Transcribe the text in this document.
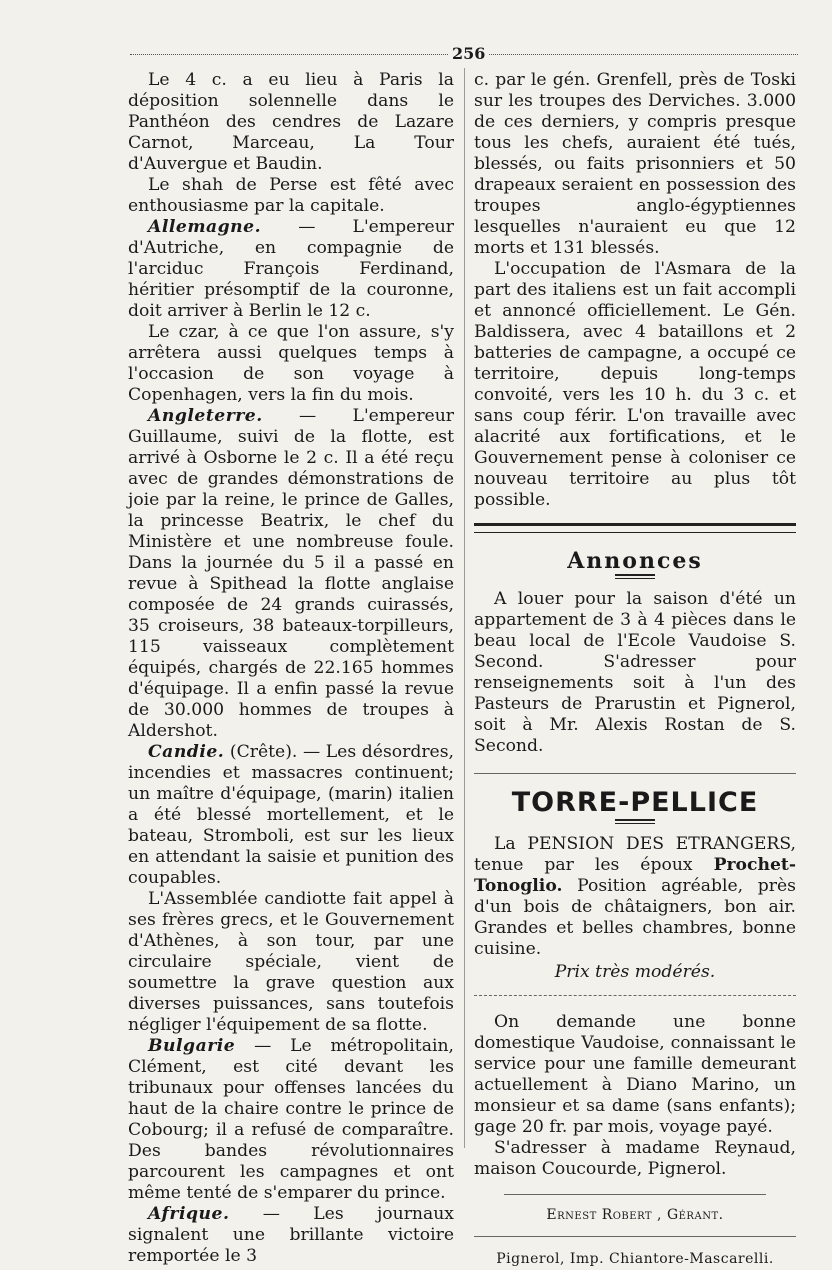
256

Le 4 c. a eu lieu à Paris la déposition solennelle dans le Panthéon des cendres de Lazare Carnot, Marceau, La Tour d'Auvergue et Baudin.

Le shah de Perse est fêté avec enthousiasme par la capitale.

Allemagne. — L'empereur d'Autriche, en compagnie de l'arciduc François Ferdinand, héritier présomptif de la couronne, doit arriver à Berlin le 12 c.

Le czar, à ce que l'on assure, s'y arrêtera aussi quelques temps à l'occasion de son voyage à Copenhagen, vers la fin du mois.

Angleterre. — L'empereur Guillaume, suivi de la flotte, est arrivé à Osborne le 2 c. Il a été reçu avec de grandes démonstrations de joie par la reine, le prince de Galles, la princesse Beatrix, le chef du Ministère et une nombreuse foule. Dans la journée du 5 il a passé en revue à Spithead la flotte anglaise composée de 24 grands cuirassés, 35 croiseurs, 38 bateaux-torpilleurs, 115 vaisseaux complètement équipés, chargés de 22.165 hommes d'équipage. Il a enfin passé la revue de 30.000 hommes de troupes à Aldershot.

Candie. (Crête). — Les désordres, incendies et massacres continuent; un maître d'équipage, (marin) italien a été blessé mortellement, et le bateau, Stromboli, est sur les lieux en attendant la saisie et punition des coupables.

L'Assemblée candiotte fait appel à ses frères grecs, et le Gouvernement d'Athènes, à son tour, par une circulaire spéciale, vient de soumettre la grave question aux diverses puissances, sans toutefois négliger l'équipement de sa flotte.

Bulgarie — Le métropolitain, Clément, est cité devant les tribunaux pour offenses lancées du haut de la chaire contre le prince de Cobourg; il a refusé de comparaître. Des bandes révolutionnaires parcourent les campagnes et ont même tenté de s'emparer du prince.

Afrique. — Les journaux signalent une brillante victoire remportée le 3

c. par le gén. Grenfell, près de Toski sur les troupes des Derviches. 3.000 de ces derniers, y compris presque tous les chefs, auraient été tués, blessés, ou faits prisonniers et 50 drapeaux seraient en possession des troupes anglo-égyptiennes lesquelles n'auraient eu que 12 morts et 131 blessés.

L'occupation de l'Asmara de la part des italiens est un fait accompli et annoncé officiellement. Le Gén. Baldissera, avec 4 bataillons et 2 batteries de campagne, a occupé ce territoire, depuis long-temps convoité, vers les 10 h. du 3 c. et sans coup férir. L'on travaille avec alacrité aux fortifications, et le Gouvernement pense à coloniser ce nouveau territoire au plus tôt possible.

Annonces

A louer pour la saison d'été un appartement de 3 à 4 pièces dans le beau local de l'Ecole Vaudoise S. Second. S'adresser pour renseignements soit à l'un des Pasteurs de Prarustin et Pignerol, soit à Mr. Alexis Rostan de S. Second.

TORRE-PELLICE

La PENSION DES ETRANGERS, tenue par les époux Prochet-Tonoglio. Position agréable, près d'un bois de châtaigners, bon air. Grandes et belles chambres, bonne cuisine.

Prix très modérés.

On demande une bonne domestique Vaudoise, connaissant le service pour une famille demeurant actuellement à Diano Marino, un monsieur et sa dame (sans enfants); gage 20 fr. par mois, voyage payé.

S'adresser à madame Reynaud, maison Coucourde, Pignerol.

Ernest Robert , Gérant.

Pignerol, Imp. Chiantore-Mascarelli.
